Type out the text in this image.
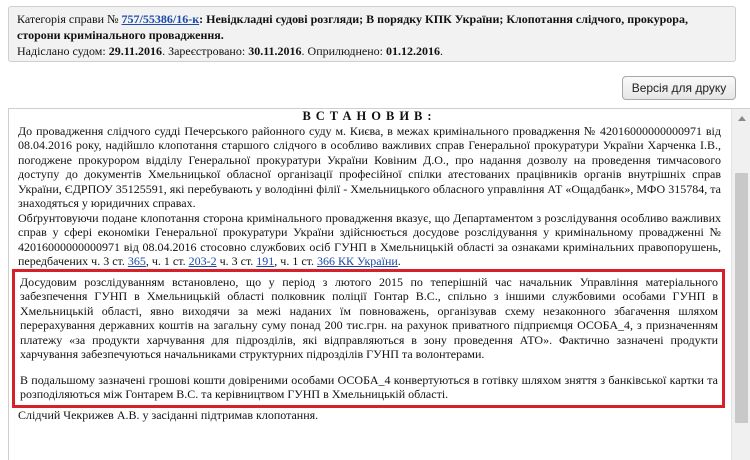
Категорія справи № 757/55386/16-к: Невідкладні судові розгляди; В порядку КПК України; Клопотання слідчого, прокурора, сторони кримінального провадження.
Надіслано судом: 29.11.2016. Зареєстровано: 30.11.2016. Оприлюднено: 01.12.2016.
Версія для друку

ВСТАНОВИВ:

До провадження слідчого судді Печерського районного суду м. Києва, в межах кримінального провадження № 42016000000000971 від 08.04.2016 року, надійшло клопотання старшого слідчого в особливо важливих справ Генеральної прокуратури України Харченка І.В., погоджене прокурором відділу Генеральної прокуратури України Ковіним Д.О., про надання дозволу на проведення тимчасового доступу до документів Хмельницької обласної організації професійної спілки атестованих працівників органів внутрішніх справ України, ЄДРПОУ 35125591, які перебувають у володінні філії - Хмельницького обласного управління АТ «Ощадбанк», МФО 315784, та знаходяться у юридичних справах.

Обґрунтовуючи подане клопотання сторона кримінального провадження вказує, що Департаментом з розслідування особливо важливих справ у сфері економіки Генеральної прокуратури України здійснюється досудове розслідування у кримінальному провадженні № 42016000000000971 від 08.04.2016 стосовно службових осіб ГУНП в Хмельницькій області за ознаками кримінальних правопорушень, передбачених ч. 3 ст. 365, ч. 1 ст. 203-2 ч. 3 ст. 191, ч. 1 ст. 366 КК України.

Досудовим розслідуванням встановлено, що у період з лютого 2015 по теперішній час начальник Управління матеріального забезпечення ГУНП в Хмельницькій області полковник поліції Гонтар В.С., спільно з іншими службовими особами ГУНП в Хмельницькій області, явно виходячи за межі наданих їм повноважень, організував схему незаконного збагачення шляхом перерахування державних коштів на загальну суму понад 200 тис.грн. на рахунок приватного підприємця ОСОБА_4, з призначенням платежу «за продукти харчування для підрозділів, які відправляються в зону проведення АТО». Фактично зазначені продукти харчування забезпечуються начальниками структурних підрозділів ГУНП та волонтерами.

В подальшому зазначені грошові кошти довіреними особами ОСОБА_4 конвертуються в готівку шляхом зняття з банківської картки та розподіляються між Гонтарем В.С. та керівництвом ГУНП в Хмельницькій області.

Слідчий Чекрижев А.В. у засіданні підтримав клопотання.
